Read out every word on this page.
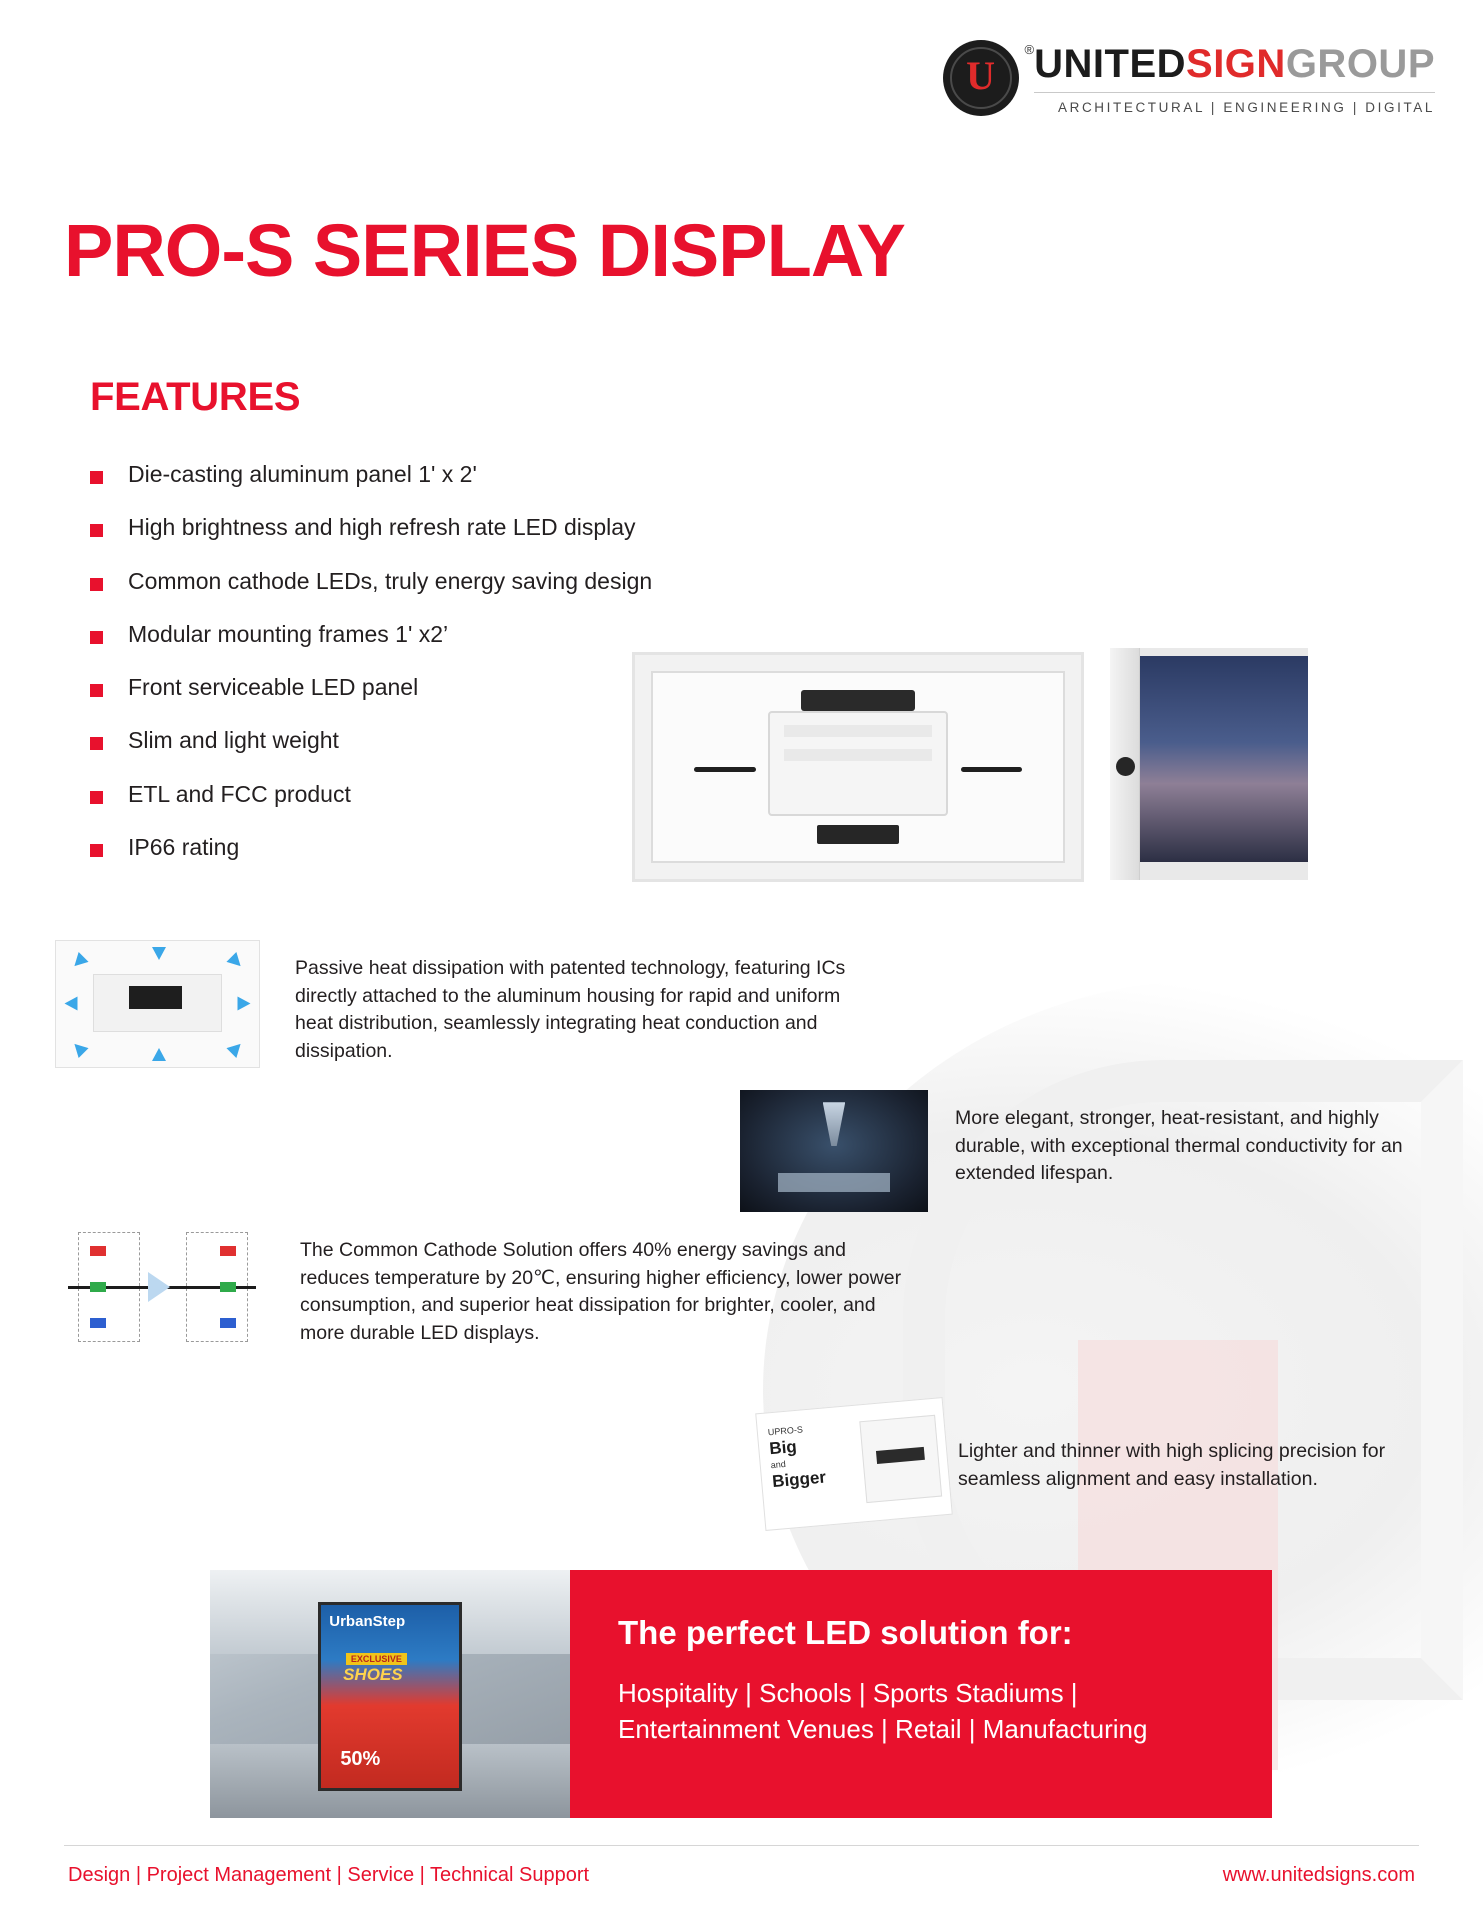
U
® UNITEDSIGNGROUP
ARCHITECTURAL | ENGINEERING | DIGITAL
PRO-S SERIES DISPLAY
FEATURES
Die-casting aluminum panel 1' x 2'
High brightness and high refresh rate LED display
Common cathode LEDs, truly energy saving design
Modular mounting frames 1' x2’
Front serviceable LED panel
Slim and light weight
ETL and FCC product
IP66 rating

Passive heat dissipation with patented technology, featuring ICs directly attached to the aluminum housing for rapid and uniform heat distribution, seamlessly integrating heat conduction and dissipation.

More elegant, stronger, heat-resistant, and highly durable, with exceptional thermal conductivity for an extended lifespan.

The Common Cathode Solution offers 40% energy savings and reduces temperature by 20℃, ensuring higher efficiency, lower power consumption, and superior heat dissipation for brighter, cooler, and more durable LED displays.

UPRO-S
Big
and
Bigger

Lighter and thinner with high splicing precision for seamless alignment and easy installation.

UrbanStep
EXCLUSIVE
SHOES
50%
The perfect LED solution for:
Hospitality | Schools | Sports Stadiums |
Entertainment Venues | Retail | Manufacturing
Design | Project Management | Service | Technical Support	www.unitedsigns.com
